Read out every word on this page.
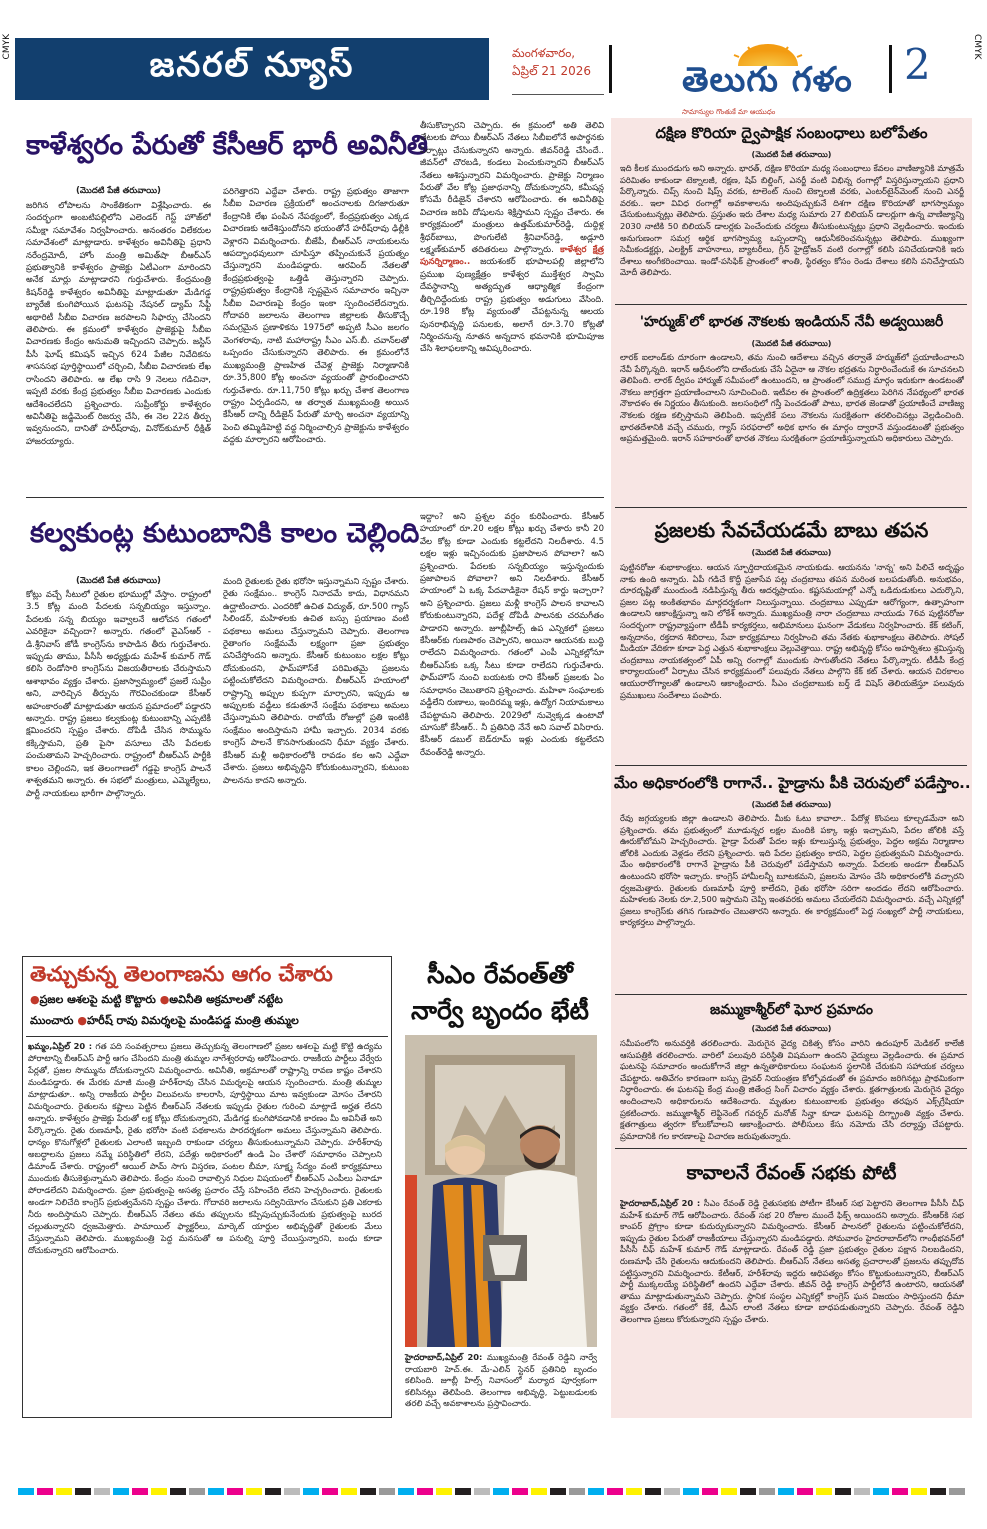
CMYK	CMYK
జనరల్ న్యూస్	మంగళవారం,
ఏప్రిల్ 21 2026	తెలుగు గళం
సామాన్యుల గొంతుకే మా ఆయుధం
2
కాళేశ్వరం పేరుతో కేసీఆర్ భారీ అవినీతి
(మొదటి పేజీ తరువాయి)
జరిగిన లోపాలను సాంకేతికంగా విశ్లేషించారు. ఈ సందర్భంగా అంబటిపల్లిలోని ఎలెండర్ గెస్ట్ హౌజ్‌లో సమీక్షా సమావేశం నిర్వహించారు. అనంతరం విలేకరుల సమావేశంలో మాట్లాడారు. కాళేశ్వరం అవినీతిపై ప్రధాని నరేంద్రమోదీ, హోం మంత్రి అమిత్‌షా బీఆర్ఎస్ ప్రభుత్వానికి కాళేశ్వరం ప్రాజెక్టు ఏటీఎంగా మారిందని అనేక మార్లు మాట్లాడారని గుర్తుచేశారు. కేంద్రమంత్రి కిషన్‌రెడ్డి కాళేశ్వరం అవినీతిపై మాట్లాడుతూ మేడిగడ్డ బ్యారేజీ కుంగిపోయిన ఘటనపై నేషనల్ డ్యామ్ సేఫ్టీ అథారిటీ సీబీఐ విచారణ జరపాలని సిఫార్సు చేసిందని తెలిపారు. ఈ క్రమంలో కాళేశ్వరం ప్రాజెక్టుపై సీబీఐ విచారణకు కేంద్రం అనుమతి ఇచ్చిందని చెప్పారు. జస్టిస్ పీసీ ఘోష్ కమిషన్ ఇచ్చిన 624 పేజీల నివేదికను శాసనసభ పూర్తిస్థాయిలో చర్చించి, సీబీఐ విచారణకు లేఖ రాసిందని తెలిపారు. ఆ లేఖ రాసి 9 నెలలు గడిచినా, ఇప్పటి వరకు కేంద్ర ప్రభుత్వం సీబీఐ విచారణకు ఎందుకు ఆదేశించలేదని ప్రశ్నించారు. సుప్రీంకోర్టు కాళేశ్వరం అవినీతిపై జడ్జిమెంట్ రిజర్వు చేసి, ఈ నెల 22న తీర్పు ఇవ్వనుందని, దానితో హరీష్‌రావు, వినోద్‌కుమార్ ధీక్షిత్ హాజరయ్యారు.
పరిగెత్తారని ఎద్దేవా చేశారు. రాష్ట్ర ప్రభుత్వం తాజాగా సీబీఐ విచారణ ప్రక్రియలో అంచనాలకు దిగజారుతూ కేంద్రానికి లేఖ పంపిన నేపథ్యంలో, కేంద్రప్రభుత్వం ఎక్కడ విచారణకు ఆదేశిస్తుందోనని భయంతోనే హరీష్‌రావు ఢిల్లీకి వెళ్లారని విమర్శించారు. బీజేపీ, బీఆర్ఎస్ నాయకులను ఆపద్బాంధవులుగా చూపిస్తూ తప్పించుకునే ప్రయత్నం చేస్తున్నారని మండిపడ్డారు. ఆరవింద్ నేతలతో కేంద్రప్రభుత్వంపై ఒత్తిడి తెస్తున్నారని చెప్పారు. రాష్ట్రప్రభుత్వం కేంద్రానికి స్పష్టమైన సమాచారం ఇచ్చినా సీబీఐ విచారణపై కేంద్రం ఇంకా స్పందించలేదన్నారు. గోదావరి జలాలను తెలంగాణ జిల్లాలకు తీసుకొచ్చే సమగ్రమైన ప్రణాళికను 1975లో అప్పటి సీఎం జలగం వెంగళరావు, నాటి మహారాష్ట్ర సీఎం ఎస్.బీ. చవాన్‌లతో ఒప్పందం చేసుకున్నారని తెలిపారు. ఈ క్రమంలోనే ముఖ్యమంత్రి ప్రాణహిత చేవెళ్ల ప్రాజెక్టు నిర్మాణానికి రూ.35,800 కోట్ల అంచనా వ్యయంతో ప్రారంభించారని గుర్తుచేశారు. రూ.11,750 కోట్లు ఖర్చు చేశాక తెలంగాణ రాష్ట్రం ఏర్పడిందని, ఆ తర్వాత ముఖ్యమంత్రి అయిన కేసీఆర్ దాన్ని రీడిజైన్ పేరుతో మార్చి అంచనా వ్యయాన్ని పెంచి తమ్మిడిహెట్టి వద్ద నిర్మించాల్సిన ప్రాజెక్టును కాళేశ్వరం వద్దకు మార్చారని ఆరోపించారు.
తీసుకొచ్చారని చెప్పారు. ఈ క్రమంలో అతి తెలివి తేటలకు పోయి బీఆర్ఎస్ నేతలు సిబీఐలోనే అపార్థనకు ఏర్పాట్లు చేసుకున్నారని అన్నారు. జీవన్‌రెడ్డి చేసిందే.. జీవన్‌లో చొరబడి, కండలు పెంచుకున్నారని బీఆర్ఎస్ నేతలు ఆశిస్తున్నారని విమర్శించారు. ప్రాజెక్టు నిర్మాణం పేరుతో వేల కోట్ల ప్రజాధనాన్ని దోచుకున్నారని, కమీషన్ల కోసమే రీడిజైన్ చేశారని ఆరోపించారు. ఈ అవినీతిపై విచారణ జరిపి దోషులను శిక్షిస్తామని స్పష్టం చేశారు. ఈ కార్యక్రమంలో మంత్రులు ఉత్తమ్‌కుమార్‌రెడ్డి, దుద్దిళ్ల శ్రీధర్‌బాబు, పొంగులేటి శ్రీనివాస్‌రెడ్డి, అడ్లూరి లక్ష్మణ్‌కుమార్ తదితరులు పాల్గొన్నారు. కాళేశ్వర క్షేత్ర పునర్నిర్మాణం.. జయశంకర్ భూపాలపల్లి జిల్లాలోని ప్రముఖ పుణ్యక్షేత్రం కాళేశ్వర ముక్తేశ్వర స్వామి దేవస్థానాన్ని అత్యద్భుత ఆధ్యాత్మిక కేంద్రంగా తీర్చిదిద్దేందుకు రాష్ట్ర ప్రభుత్వం అడుగులు వేసింది. రూ.198 కోట్ల వ్యయంతో చేపట్టనున్న ఆలయ పునరాభివృద్ధి పనులకు, అలాగే రూ.3.70 కోట్లతో నిర్మించనున్న నూతన అన్నదాన భవనానికి భూమిపూజ చేసి శిలాఫలకాన్ని ఆవిష్కరించారు.
కల్వకుంట్ల కుటుంబానికి కాలం చెల్లింది
(మొదటి పేజీ తరువాయి)
కోట్లు వచ్చే సీటులో రైతుల భూముల్లో వేస్తాం. రాష్ట్రంలో 3.5 కోట్ల మంది పేదలకు సన్నబియ్యం ఇస్తున్నాం. పేదలకు సన్న బియ్యం ఇవ్వాలనే ఆలోచన గతంలో ఎవరికైనా వచ్చిందా? అన్నారు. గతంలో వైఎస్ఆర్ - డి.శ్రీనివాస్ జోడీ కాంగ్రెస్‌ను కాపాడిన తీరు గుర్తుచేశారు. ఇప్పుడు తాము, పీసీసీ అధ్యక్షుడు మహేశ్ కుమార్ గౌడ్ కలిసి రెండోసారి కాంగ్రెస్‌ను విజయతీరాలకు చేరుస్తామని ఆశాభావం వ్యక్తం చేశారు. ప్రజాస్వామ్యంలో ప్రజలే సుప్రీం అని, వారిచ్చిన తీర్పును గౌరవించకుండా కేసీఆర్ అహంకారంతో మాట్లాడుతూ ఆయన ప్రమాదంలో పడ్డారని అన్నారు. రాష్ట్ర ప్రజలు కల్వకుంట్ల కుటుంబాన్ని ఎప్పటికీ క్షమించరని స్పష్టం చేశారు. దోపిడీ చేసిన సొమ్మును కక్కిస్తామని, ప్రతి పైసా వసూలు చేసి పేదలకు పంచుతామని హెచ్చరించారు. రాష్ట్రంలో బీఆర్ఎస్ పార్టీకి కాలం చెల్లిందని, ఇక తెలంగాణలో గడ్డపై కాంగ్రెస్ పాలనే శాశ్వతమని అన్నారు. ఈ సభలో మంత్రులు, ఎమ్మెల్యేలు, పార్టీ నాయకులు భారీగా పాల్గొన్నారు.
మంది రైతులకు రైతు భరోసా ఇస్తున్నామని స్పష్టం చేశారు. రైతు సంక్షేమం.. కాంగ్రెస్ నినాదమే కాదు, విధానమని ఉద్ఘాటించారు. ఎందరికో ఉచిత విద్యుత్, రూ.500 గ్యాస్ సిలిండర్, మహిళలకు ఉచిత బస్సు ప్రయాణం వంటి పథకాలు అమలు చేస్తున్నామని చెప్పారు. తెలంగాణ రైతాంగం సంక్షేమమే లక్ష్యంగా ప్రజా ప్రభుత్వం పనిచేస్తోందని అన్నారు. కేసీఆర్ కుటుంబం లక్షల కోట్లు దోచుకుందని, ఫామ్‌హౌస్‌కే పరిమితమై ప్రజలను పట్టించుకోలేదని విమర్శించారు. బీఆర్ఎస్ హయాంలో రాష్ట్రాన్ని అప్పుల కుప్పగా మార్చారని, ఇప్పుడు ఆ అప్పులకు వడ్డీలు కడుతూనే సంక్షేమ పథకాలు అమలు చేస్తున్నామని తెలిపారు. రాబోయే రోజుల్లో ప్రతి ఇంటికీ సంక్షేమం అందిస్తామని హామీ ఇచ్చారు. 2034 వరకు కాంగ్రెస్ పాలనే కొనసాగుతుందని ధీమా వ్యక్తం చేశారు. కేసీఆర్ మళ్లీ అధికారంలోకి రావడం కల అని ఎద్దేవా చేశారు. ప్రజలు అభివృద్ధిని కోరుకుంటున్నారని, కుటుంబ పాలనను కాదని అన్నారు.
ఇద్దాం? అని ప్రశ్నల వర్షం కురిపించారు. కేసీఆర్ హయాంలో రూ.20 లక్షల కోట్లు ఖర్చు చేశారు కానీ 20 వేల కోట్ల కూడా ఎందుకు కట్టలేదని నిలదీశారు. 4.5 లక్షల ఇళ్లు ఇచ్చినందుకు ప్రజాపాలన పోవాలా? అని ప్రశ్నించారు. పేదలకు సన్నబియ్యం ఇస్తున్నందుకు ప్రజాపాలన పోవాలా? అని నిలదీశారు. కేసీఆర్ హయాంలో ఏ ఒక్క పేదవాడికైనా రేషన్ కార్డు ఇచ్చారా? అని ప్రశ్నించారు. ప్రజలు మళ్లీ కాంగ్రెస్ పాలన కావాలని కోరుకుంటున్నారని, పదేళ్ల దోపిడీ పాలనకు చరమగీతం పాడారని అన్నారు. జూబ్లీహిల్స్ ఉప ఎన్నికలో ప్రజలు కేసీఆర్‌కు గుణపాఠం చెప్పారని, అయినా ఆయనకు బుద్ధి రాలేదని విమర్శించారు. గతంలో ఎంపీ ఎన్నికల్లోనూ బీఆర్ఎస్‌కు ఒక్క సీటు కూడా రాలేదని గుర్తుచేశారు. ఫామ్‌హౌస్ నుంచి బయటకు రాని కేసీఆర్ ప్రజలకు ఏం సమాధానం చెబుతారని ప్రశ్నించారు. మహిళా సంఘాలకు వడ్డీలేని రుణాలు, ఇందిరమ్మ ఇళ్లు, ఉద్యోగ నియామకాలు చేపట్టామని తెలిపారు. 2029లో నువ్వెక్కడ ఉంటావో చూసుకో కేసీఆర్.. నీ ప్రతినిధి నేనే అని సవాల్ విసిరారు. కేసీఆర్ డబుల్ బెడ్‌రూమ్ ఇళ్లు ఎందుకు కట్టలేదని రేవంత్‌రెడ్డి అన్నారు.
తెచ్చుకున్న తెలంగాణను ఆగం చేశారు
●ప్రజల ఆశలపై మట్టి కొట్టారు ●అవినీతి అక్రమాలతో నట్టేట
ముంచారు ●హరీష్ రావు విమర్శలపై మండిపడ్డ మంత్రి తుమ్మల
ఖమ్మం,ఏప్రిల్ 20 : గత పది సంవత్సరాలు ప్రజలు తెచ్చుకున్న తెలంగాణలో ప్రజల ఆశలపై మట్టి కొట్టి ఉద్యమ పోరాటాన్ని బీఆర్ఎస్ పార్టీ ఆగం చేసిందని మంత్రి తుమ్మల నాగేశ్వరరావు ఆరోపించారు. రాజకీయ పార్టీలు వేర్వేరు పేర్లతో, ప్రజల సొమ్మును దోచుకున్నారని విమర్శించారు. అవినీతి, అక్రమాలతో రాష్ట్రాన్ని రావణ కాష్టం చేశారని మండిపడ్డారు. ఈ మేరకు మాజీ మంత్రి హరీశ్‌రావు చేసిన విమర్శలపై ఆయన స్పందించారు. మంత్రి తుమ్మల మాట్లాడుతూ.. అన్ని రాజకీయ పార్టీల విలువలను కాలరాసి, పూర్తిస్థాయి మాట ఇవ్వకుండా మోసం చేశారని విమర్శించారు. రైతులను కష్టాలు పెట్టిన బీఆర్ఎస్ నేతలకు ఇప్పుడు రైతుల గురించి మాట్లాడే అర్హత లేదని అన్నారు. కాళేశ్వరం ప్రాజెక్టు పేరుతో లక్ష కోట్లు దోచుకున్నారని, మేడిగడ్డ కుంగిపోవడానికి కారణం మీ అవినీతే అని పేర్కొన్నారు. రైతు రుణమాఫీ, రైతు భరోసా వంటి పథకాలను పారదర్శకంగా అమలు చేస్తున్నామని తెలిపారు. ధాన్యం కొనుగోళ్లలో రైతులకు ఎలాంటి ఇబ్బంది రాకుండా చర్యలు తీసుకుంటున్నామని చెప్పారు. హరీశ్‌రావు అబద్ధాలను ప్రజలు నమ్మే పరిస్థితిలో లేరని, పదేళ్లు అధికారంలో ఉండి ఏం చేశారో సమాధానం చెప్పాలని డిమాండ్ చేశారు. రాష్ట్రంలో ఆయిల్ పామ్ సాగు విస్తరణ, పంటల బీమా, సూక్ష్మ సేద్యం వంటి కార్యక్రమాలు ముందుకు తీసుకెళ్తున్నామని తెలిపారు. కేంద్రం నుంచి రావాల్సిన నిధుల విషయంలో బీఆర్ఎస్ ఎంపీలు ఏనాడూ పోరాడలేదని విమర్శించారు. ప్రజా ప్రభుత్వంపై అసత్య ప్రచారం చేస్తే సహించేది లేదని హెచ్చరించారు. రైతులకు అండగా నిలిచేది కాంగ్రెస్ ప్రభుత్వమేనని స్పష్టం చేశారు. గోదావరి జలాలను సద్వినియోగం చేసుకుని ప్రతి ఎకరాకు నీరు అందిస్తామని చెప్పారు. బీఆర్ఎస్ నేతలు తమ తప్పులను కప్పిపుచ్చుకునేందుకు ప్రభుత్వంపై బురద చల్లుతున్నారని ధ్వజమెత్తారు. పామాయిల్ ఫ్యాక్టరీలు, మార్కెట్ యార్డుల అభివృద్ధితో రైతులకు మేలు చేస్తున్నామని తెలిపారు. ముఖ్యమంత్రి పెద్ద మనసుతో ఆ పనుల్ని పూర్తి చేయిస్తున్నారని, బంధు కూడా దోచుకున్నారని ఆరోపించారు.
సీఎం రేవంత్‌తో
నార్వే బృందం భేటీ
హైదరాబాద్,ఏప్రిల్ 20: ముఖ్యమంత్రి రేవంత్ రెడ్డిని నార్వే రాయబారి హెచ్.ఈ. మే-ఎలిన్ స్టెనర్ ప్రతినిధి బృందం కలిసింది. జూబ్లీ హిల్స్ నివాసంలో మర్యాద పూర్వకంగా కలిసినట్లు తెలిపింది. తెలంగాణ అభివృద్ధి, పెట్టుబడులకు తరలి వచ్చే అవకాశాలను ప్రస్తావించారు.
దక్షిణ కొరియా ద్వైపాక్షిక సంబంధాలు బలోపేతం
(మొదటి పేజీ తరువాయి)
ఇది కీలక ముందడుగు అని అన్నారు. భారత్, దక్షిణ కొరియా మధ్య సంబంధాలు కేవలం వాణిజ్యానికి మాత్రమే పరిమితం కాకుండా టెక్నాలజీ, రక్షణ, షిప్ బిల్డింగ్, ఎనర్జీ వంటి విభిన్న రంగాల్లో విస్తరిస్తున్నాయని ప్రధాని పేర్కొన్నారు. చిప్స్ నుంచి షిప్స్ వరకు, టాలెంట్ నుంచి టెక్నాలజీ వరకు, ఎంటర్‌టైన్‌మెంట్ నుంచి ఎనర్జీ వరకు.. ఇలా వివిధ రంగాల్లో అవకాశాలను అందిపుచ్చుకునే దిశగా దక్షిణ కొరియాతో భాగస్వామ్యం చేసుకుంటున్నట్లు తెలిపారు. ప్రస్తుతం ఇరు దేశాల మధ్య సుమారు 27 బిలియన్ డాలర్లుగా ఉన్న వాణిజ్యాన్ని 2030 నాటికి 50 బిలియన్ డాలర్లకు పెంచేందుకు చర్యలు తీసుకుంటున్నట్లు ప్రధాని వెల్లడించారు. ఇందుకు అనుగుణంగా సమగ్ర ఆర్థిక భాగస్వామ్య ఒప్పందాన్ని ఆధునీకరించనున్నట్లు తెలిపారు. ముఖ్యంగా సెమీకండక్టర్లు, ఎలక్ట్రిక్ వాహనాలు, బ్యాటరీలు, గ్రీన్ హైడ్రోజన్ వంటి రంగాల్లో కలిసి పనిచేయడానికి ఇరు దేశాలు అంగీకరించాయి. ఇండో-పసిఫిక్ ప్రాంతంలో శాంతి, స్థిరత్వం కోసం రెండు దేశాలు కలిసి పనిచేస్తాయని మోదీ తెలిపారు.
'హర్ముజ్'లో భారత నౌకలకు ఇండియన్ నేవీ అడ్వయిజరీ
(మొదటి పేజీ తరువాయి)
లారక్ ఐలాండ్‌కు దూరంగా ఉండాలని, తమ నుంచి ఆదేశాలు వచ్చిన తర్వాతే హర్ముజ్‌లో ప్రయాణించాలని నేవీ పేర్కొన్నది. ఇరాన్ ఆధీనంలోని దాటేందుకు చేసే ఏదైనా ఆ నౌకల భద్రతను నిర్ధారించేందుకే ఈ సూచనలని తెలిపింది. లారక్ ద్వీపం హార్ముజ్ సమీపంలో ఉంటుందని, ఆ ప్రాంతంలో సముద్ర మార్గం ఇరుకుగా ఉండటంతో నౌకలు జాగ్రత్తగా ప్రయాణించాలని సూచించింది. ఇటీవల ఈ ప్రాంతంలో ఉద్రిక్తతలు పెరిగిన నేపథ్యంలో భారత నౌకాదళం ఈ నిర్ణయం తీసుకుంది. జలసంధిలో గస్తీ పెంచడంతో పాటు, భారత జెండాతో ప్రయాణించే వాణిజ్య నౌకలకు రక్షణ కల్పిస్తామని తెలిపింది. ఇప్పటికే పలు నౌకలను సురక్షితంగా తరలించినట్లు వెల్లడించింది. భారతదేశానికి వచ్చే చమురు, గ్యాస్ సరఫరాలో అధిక భాగం ఈ మార్గం ద్వారానే వస్తుండటంతో ప్రభుత్వం అప్రమత్తమైంది. ఇరాన్ సహకారంతో భారత నౌకలు సురక్షితంగా ప్రయాణిస్తున్నాయని అధికారులు చెప్పారు.
ప్రజలకు సేవచేయడమే బాబు తపన
(మొదటి పేజీ తరువాయి)
పుట్టినరోజు శుభాకాంక్షలు. ఆయన స్ఫూర్తిదాయకమైన నాయకుడు. ఆయనను 'నాన్న' అని పిలిచే అదృష్టం నాకు ఉంది అన్నారు. ఏపీ గడిచే కొద్దీ ప్రజాసేవ పట్ల చంద్రబాబు తపన మరింత బలపడుతోంది. అనుభవం, దూరదృష్టితో ముందుండి నడిపిస్తున్న తీరు ఆదర్శప్రాయం. కష్టసమయాల్లో ఎన్నో ఒడిదుడుకులు ఎదుర్కొని, ప్రజల పట్ల అంకితభావం మార్గదర్శకంగా నిలుస్తున్నాయి. చంద్రబాబు ఎప్పుడూ ఆరోగ్యంగా, ఉత్సాహంగా ఉండాలని ఆకాంక్షిస్తున్నా అని లోకేశ్ అన్నారు. ముఖ్యమంత్రి నారా చంద్రబాబు నాయుడు 76వ పుట్టినరోజు సందర్భంగా రాష్ట్రవ్యాప్తంగా టీడీపీ కార్యకర్తలు, అభిమానులు ఘనంగా వేడుకలు నిర్వహించారు. కేక్ కటింగ్, అన్నదానం, రక్తదాన శిబిరాలు, సేవా కార్యక్రమాలు నిర్వహించి తమ నేతకు శుభాకాంక్షలు తెలిపారు. సోషల్ మీడియా వేదికగా కూడా పెద్ద ఎత్తున శుభాకాంక్షలు వెల్లువెత్తాయి. రాష్ట్ర అభివృద్ధి కోసం అహర్నిశలు శ్రమిస్తున్న చంద్రబాబు నాయకత్వంలో ఏపీ అన్ని రంగాల్లో ముందుకు సాగుతోందని నేతలు పేర్కొన్నారు. టీడీపీ కేంద్ర కార్యాలయంలో ఏర్పాటు చేసిన కార్యక్రమంలో పలువురు నేతలు పాల్గొని కేక్ కట్ చేశారు. ఆయన చిరకాలం ఆయురారోగ్యాలతో ఉండాలని ఆకాంక్షించారు. సీఎం చంద్రబాబుకు బర్త్ డే విషెస్ తెలియజేస్తూ పలువురు ప్రముఖులు సందేశాలు పంపారు.
మేం అధికారంలోకి రాగానే.. హైడ్రాను పీకి చెరువులో పడేస్తాం..
(మొదటి పేజీ తరువాయి)
రేవు జగ్గయ్యలకు జిల్లా ఉండాలని తెలిపారు. మీకు ఓటు కావాలా.. పేదోళ్ల కొంపలు కూల్చడమేనా అని ప్రశ్నించారు. తమ ప్రభుత్వంలో మూడున్నర లక్షల మందికి పక్కా ఇళ్లు ఇచ్చామని, పేదల జోలికి వస్తే ఊరుకోబోమని హెచ్చరించారు. హైడ్రా పేరుతో పేదల ఇళ్లు కూలుస్తున్న ప్రభుత్వం, పెద్దల అక్రమ నిర్మాణాల జోలికి ఎందుకు వెళ్లడం లేదని ప్రశ్నించారు. ఇది పేదల ప్రభుత్వం కాదని, పెద్దల ప్రభుత్వమని విమర్శించారు. మేం అధికారంలోకి రాగానే హైడ్రాను పీకి చెరువులో పడేస్తామని అన్నారు. పేదలకు అండగా బీఆర్ఎస్ ఉంటుందని భరోసా ఇచ్చారు. కాంగ్రెస్ హామీలన్నీ బూటకమని, ప్రజలను మోసం చేసి అధికారంలోకి వచ్చారని ధ్వజమెత్తారు. రైతులకు రుణమాఫీ పూర్తి కాలేదని, రైతు భరోసా సరిగా అందడం లేదని ఆరోపించారు. మహిళలకు నెలకు రూ.2,500 ఇస్తామని చెప్పి ఇంతవరకు అమలు చేయలేదని విమర్శించారు. వచ్చే ఎన్నికల్లో ప్రజలు కాంగ్రెస్‌కు తగిన గుణపాఠం చెబుతారని అన్నారు. ఈ కార్యక్రమంలో పెద్ద సంఖ్యలో పార్టీ నాయకులు, కార్యకర్తలు పాల్గొన్నారు.
జమ్ముకాశ్మీర్‌లో ఘోర ప్రమాదం
(మొదటి పేజీ తరువాయి)
సమీపంలోని అనువర్తికి తరలించారు. మెరుగైన వైద్య చికిత్స కోసం వారిని ఉదంపూర్ మెడికల్ కాలేజీ ఆసుపత్రికి తరలించారు. వారిలో పలువురి పరిస్థితి విషమంగా ఉందని వైద్యులు వెల్లడించారు. ఈ ప్రమాద ఘటనపై సమాచారం అందుకోగానే జిల్లా ఉన్నతాధికారులు సంఘటన స్థలానికి చేరుకుని సహాయక చర్యలు చేపట్టారు. అతివేగం కారణంగా బస్సు డ్రైవర్ నియంత్రణ కోల్పోవడంతో ఈ ప్రమాదం జరిగినట్లు ప్రాథమికంగా నిర్ధారించారు. ఈ ఘటనపై కేంద్ర మంత్రి జితేంద్ర సింగ్ విచారం వ్యక్తం చేశారు. క్షతగాత్రులకు మెరుగైన వైద్యం అందించాలని అధికారులను ఆదేశించారు. మృతుల కుటుంబాలకు ప్రభుత్వం తరఫున ఎక్స్‌గ్రేషియా ప్రకటించారు. జమ్ముకాశ్మీర్ లెఫ్టినెంట్ గవర్నర్ మనోజ్ సిన్హా కూడా ఘటనపై దిగ్భ్రాంతి వ్యక్తం చేశారు. క్షతగాత్రులు త్వరగా కోలుకోవాలని ఆకాంక్షించారు. పోలీసులు కేసు నమోదు చేసి దర్యాప్తు చేపట్టారు. ప్రమాదానికి గల కారణాలపై విచారణ జరుపుతున్నారు.
కావాలనే రేవంత్ సభకు పోటీ
హైదరాబాద్,ఏప్రిల్ 20 : సీఎం రేవంత్ రెడ్డి రైతుసభకు పోటీగా కేసీఆర్ సభ పెట్టారని తెలంగాణ పీసీసీ చీఫ్ మహేశ్ కుమార్ గౌడ్ ఆరోపించారు. రేవంత్ సభ 20 రోజుల ముందే ఫిక్స్ అయిందని అన్నారు. కేసీఆర్‌కి సభ కాంపర్ ప్రోగ్రాం కూడా కుదుర్చుకున్నారని విమర్శించారు. కేసీఆర్ పాలనలో రైతులను పట్టించుకోలేదని, ఇప్పుడు రైతుల పేరుతో రాజకీయాలు చేస్తున్నారని మండిపడ్డారు. సోమవారం హైదరాబాద్‌లోని గాంధీభవన్‌లో పీసీసీ చీఫ్ మహేశ్ కుమార్ గౌడ్ మాట్లాడారు. రేవంత్ రెడ్డి ప్రజా ప్రభుత్వం రైతుల పక్షాన నిలబడిందని, రుణమాఫీ చేసి రైతులను ఆదుకుందని తెలిపారు. బీఆర్ఎస్ నేతలు అసత్య ప్రచారాలతో ప్రజలను తప్పుదోవ పట్టిస్తున్నారని విమర్శించారు. కేటీఆర్, హరీశ్‌రావు ఇద్దరు ఆధిపత్యం కోసం కొట్టుకుంటున్నారని, బీఆర్ఎస్ పార్టీ ముక్కలయ్యే పరిస్థితిలో ఉందని ఎద్దేవా చేశారు. జీవన్ రెడ్డి కాంగ్రెస్ పార్టీలోనే ఉంటారని, ఆయనతో తాము మాట్లాడుతున్నామని చెప్పారు. స్థానిక సంస్థల ఎన్నికల్లో కాంగ్రెస్ ఘన విజయం సాధిస్తుందని ధీమా వ్యక్తం చేశారు. గతంలో కేకే, డీఎస్ లాంటి నేతలు కూడా బాధపడుతున్నారని చెప్పారు. రేవంత్ రెడ్డిని తెలంగాణ ప్రజలు కోరుకున్నారని స్పష్టం చేశారు.
